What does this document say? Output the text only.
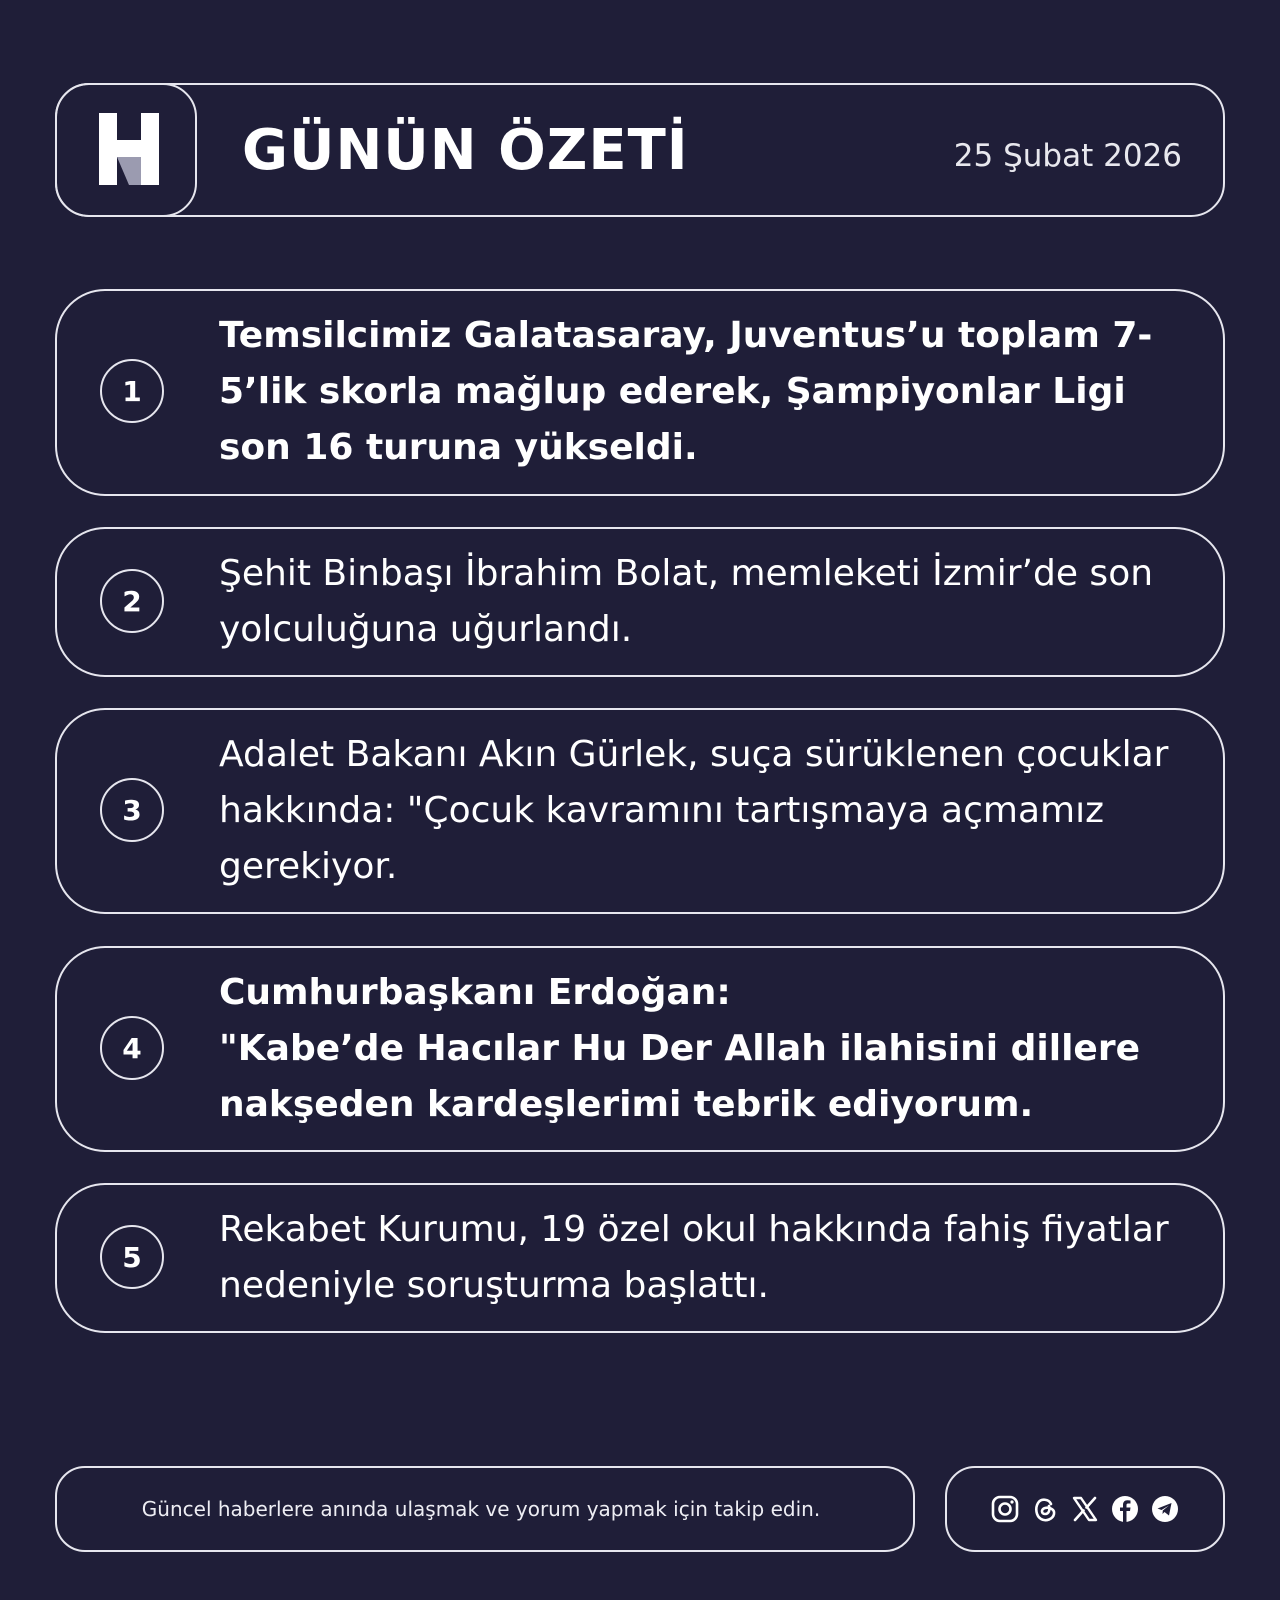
GÜNÜN ÖZETİ	25 Şubat 2026
1

Temsilcimiz Galatasaray, Juventus’u toplam 7-5’lik skorla mağlup ederek, Şampiyonlar Ligi son 16 turuna yükseldi.

2

Şehit Binbaşı İbrahim Bolat, memleketi İzmir’de son yolculuğuna uğurlandı.

3

Adalet Bakanı Akın Gürlek, suça sürüklenen çocuklar hakkında: "Çocuk kavramını tartışmaya açmamız gerekiyor.

4

Cumhurbaşkanı Erdoğan:
"Kabe’de Hacılar Hu Der Allah ilahisini dillere nakşeden kardeşlerimi tebrik ediyorum.

5

Rekabet Kurumu, 19 özel okul hakkında fahiş fiyatlar nedeniyle soruşturma başlattı.

Güncel haberlere anında ulaşmak ve yorum yapmak için takip edin.
